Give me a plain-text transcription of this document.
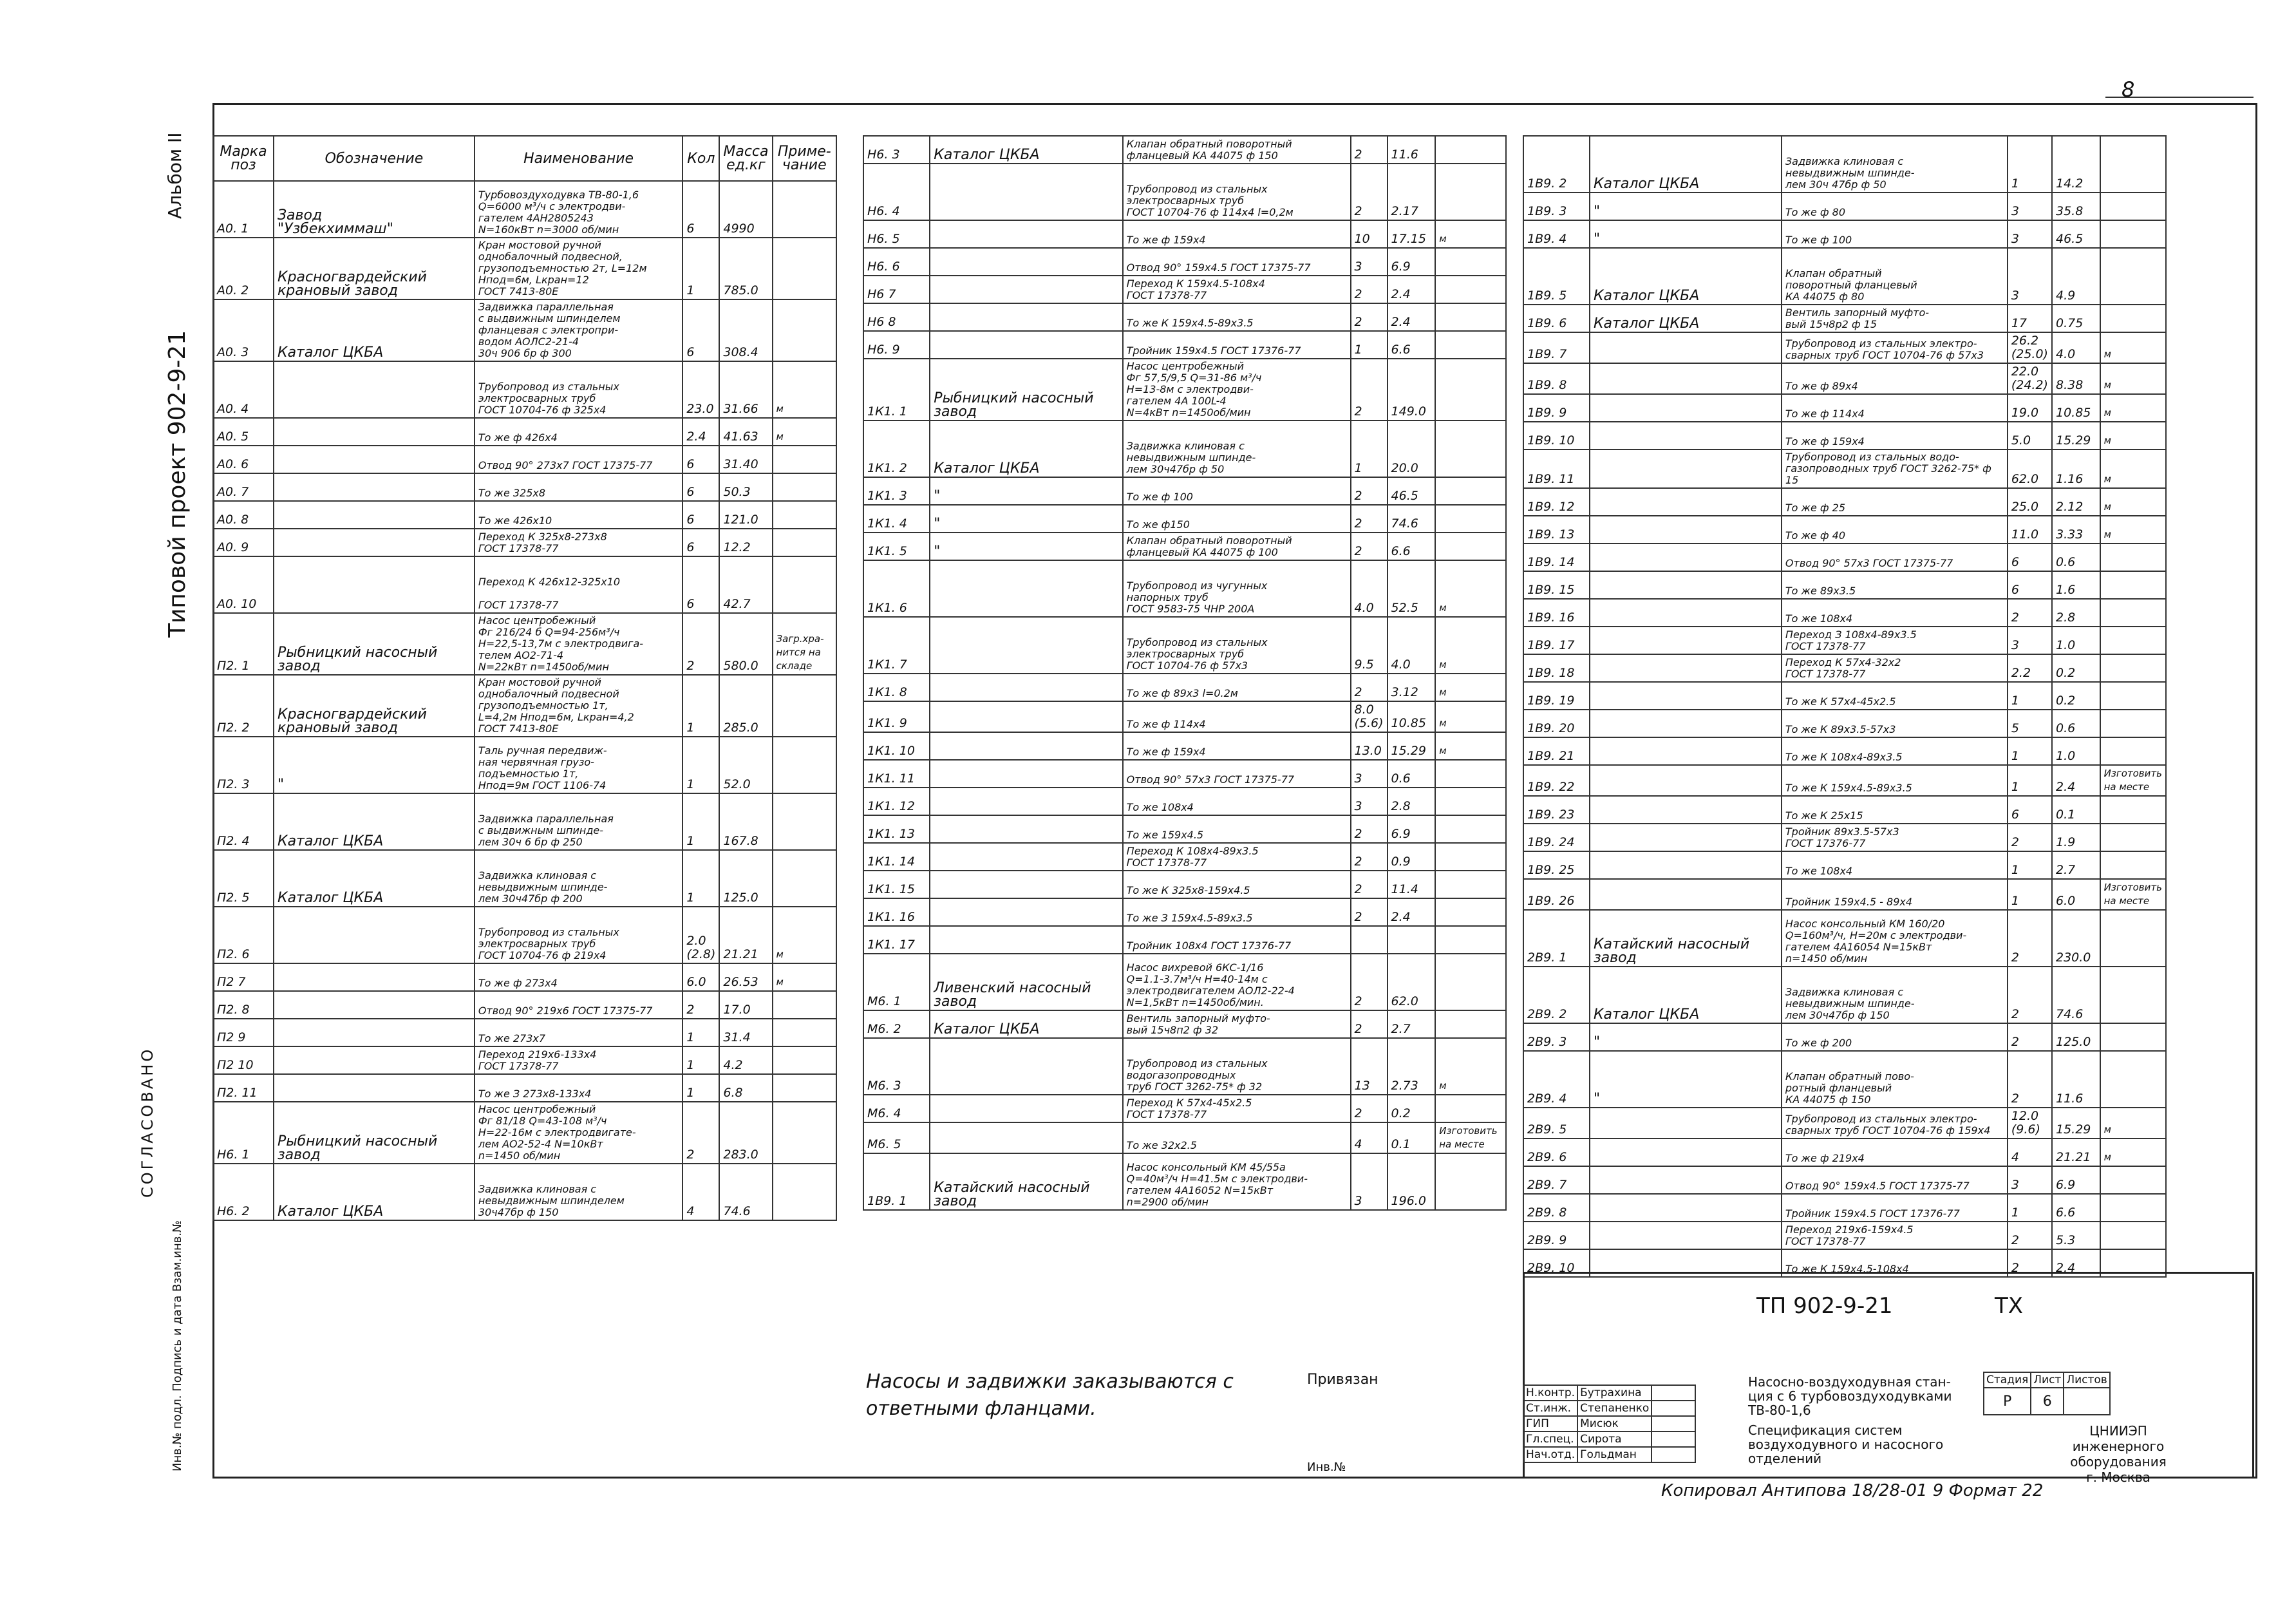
8
Альбом II
Типовой проект 902-9-21
СОГЛАСОВАНО
Инв.№ подл. Подпись и дата Взам.инв.№
Марка
поз	Обозначение	Наименование	Кол	Масса
ед.кг	Приме-
чание
А0. 1	Завод
"Узбекхиммаш"	Турбовоздуходувка ТВ-80-1,6
Q=6000 м³/ч с электродви-
гателем 4АН2805243
N=160кВт n=3000 об/мин	6	4990	
А0. 2	Красногвардейский
крановый завод	Кран мостовой ручной
однобалочный подвесной,
грузоподъемностью 2т, L=12м
Нпод=6м, Lкран=12
ГОСТ 7413-80Е	1	785.0	
А0. 3	Каталог ЦКБА	Задвижка параллельная
с выдвижным шпинделем
фланцевая с электропри-
водом АОЛС2-21-4
30ч 906 бр ф 300	6	308.4	
А0. 4		Трубопровод из стальных
электросварных труб
ГОСТ 10704-76 ф 325х4	23.0	31.66	м
А0. 5		То же ф 426х4	2.4	41.63	м
А0. 6		Отвод 90° 273х7 ГОСТ 17375-77	6	31.40	
А0. 7		То же 325х8	6	50.3	
А0. 8		То же 426х10	6	121.0	
А0. 9		Переход К 325х8-273х8
ГОСТ 17378-77	6	12.2	
А0. 10		Переход К 426х12-325х10

ГОСТ 17378-77	6	42.7	
П2. 1	Рыбницкий насосный
завод	Насос центробежный
Фг 216/24 б Q=94-256м³/ч
Н=22,5-13,7м с электродвига-
телем АО2-71-4
N=22кВт n=1450об/мин	2	580.0	Загр.хра-
нится на
складе
П2. 2	Красногвардейский
крановый завод	Кран мостовой ручной
однобалочный подвесной
грузоподъемностью 1т,
L=4,2м Нпод=6м, Lкран=4,2
ГОСТ 7413-80Е	1	285.0	
П2. 3	"	Таль ручная передвиж-
ная червячная грузо-
подъемностью 1т,
Нпод=9м ГОСТ 1106-74	1	52.0	
П2. 4	Каталог ЦКБА	Задвижка параллельная
с выдвижным шпинде-
лем 30ч 6 бр ф 250	1	167.8	
П2. 5	Каталог ЦКБА	Задвижка клиновая с
невыдвижным шпинде-
лем 30ч47бр ф 200	1	125.0	
П2. 6		Трубопровод из стальных
электросварных труб
ГОСТ 10704-76 ф 219х4	2.0
(2.8)	21.21	м
П2 7		То же ф 273х4	6.0	26.53	м
П2. 8		Отвод 90° 219х6 ГОСТ 17375-77	2	17.0	
П2 9		То же 273х7	1	31.4	
П2 10		Переход 219х6-133х4
ГОСТ 17378-77	1	4.2	
П2. 11		То же З 273х8-133х4	1	6.8	
Н6. 1	Рыбницкий насосный
завод	Насос центробежный
Фг 81/18 Q=43-108 м³/ч
Н=22-16м с электродвигате-
лем АО2-52-4 N=10кВт
n=1450 об/мин	2	283.0	
Н6. 2	Каталог ЦКБА	Задвижка клиновая с
невыдвижным шпинделем
30ч47бр ф 150	4	74.6	
Н6. 3	Каталог ЦКБА	Клапан обратный поворотный
фланцевый КА 44075 ф 150	2	11.6	
Н6. 4		Трубопровод из стальных
электросварных труб
ГОСТ 10704-76 ф 114х4 l=0,2м	2	2.17	
Н6. 5		То же ф 159х4	10	17.15	м
Н6. 6		Отвод 90° 159х4.5 ГОСТ 17375-77	3	6.9	
Н6 7		Переход К 159х4.5-108х4
ГОСТ 17378-77	2	2.4	
Н6 8		То же К 159х4.5-89х3.5	2	2.4	
Н6. 9		Тройник 159х4.5 ГОСТ 17376-77	1	6.6	
1К1. 1	Рыбницкий насосный
завод	Насос центробежный
Фг 57,5/9,5 Q=31-86 м³/ч
Н=13-8м с электродви-
гателем 4А 100L-4
N=4кВт n=1450об/мин	2	149.0	
1К1. 2	Каталог ЦКБА	Задвижка клиновая с
невыдвижным шпинде-
лем 30ч47бр ф 50	1	20.0	
1К1. 3	"	То же ф 100	2	46.5	
1К1. 4	"	То же ф150	2	74.6	
1К1. 5	"	Клапан обратный поворотный
фланцевый КА 44075 ф 100	2	6.6	
1К1. 6		Трубопровод из чугунных
напорных труб
ГОСТ 9583-75 ЧНР 200А	4.0	52.5	м
1К1. 7		Трубопровод из стальных
электросварных труб
ГОСТ 10704-76 ф 57х3	9.5	4.0	м
1К1. 8		То же ф 89х3 l=0.2м	2	3.12	м
1К1. 9		То же ф 114х4	8.0
(5.6)	10.85	м
1К1. 10		То же ф 159х4	13.0	15.29	м
1К1. 11		Отвод 90° 57х3 ГОСТ 17375-77	3	0.6	
1К1. 12		То же 108х4	3	2.8	
1К1. 13		То же 159х4.5	2	6.9	
1К1. 14		Переход К 108х4-89х3.5
ГОСТ 17378-77	2	0.9	
1К1. 15		То же К 325х8-159х4.5	2	11.4	
1К1. 16		То же З 159х4.5-89х3.5	2	2.4	
1К1. 17		Тройник 108х4 ГОСТ 17376-77			
М6. 1	Ливенский насосный
завод	Насос вихревой 6КС-1/16
Q=1.1-3.7м³/ч Н=40-14м с
электродвигателем АОЛ2-22-4
N=1,5кВт n=1450об/мин.	2	62.0	
М6. 2	Каталог ЦКБА	Вентиль запорный муфто-
вый 15ч8п2 ф 32	2	2.7	
М6. 3		Трубопровод из стальных
водогазопроводных
труб ГОСТ 3262-75* ф 32	13	2.73	м
М6. 4		Переход К 57х4-45х2.5
ГОСТ 17378-77	2	0.2	
М6. 5		То же 32х2.5	4	0.1	Изготовить
на месте
1В9. 1	Катайский насосный
завод	Насос консольный КМ 45/55а
Q=40м³/ч Н=41.5м с электродви-
гателем 4А16052 N=15кВт
n=2900 об/мин	3	196.0	
1В9. 2	Каталог ЦКБА	Задвижка клиновая с
невыдвижным шпинде-
лем 30ч 47бр ф 50	1	14.2	
1В9. 3	"	То же ф 80	3	35.8	
1В9. 4	"	То же ф 100	3	46.5	
1В9. 5	Каталог ЦКБА	Клапан обратный
поворотный фланцевый
КА 44075 ф 80	3	4.9	
1В9. 6	Каталог ЦКБА	Вентиль запорный муфто-
вый 15ч8р2 ф 15	17	0.75	
1В9. 7		Трубопровод из стальных электро-
сварных труб ГОСТ 10704-76 ф 57х3	26.2
(25.0)	4.0	м
1В9. 8		То же ф 89х4	22.0
(24.2)	8.38	м
1В9. 9		То же ф 114х4	19.0	10.85	м
1В9. 10		То же ф 159х4	5.0	15.29	м
1В9. 11		Трубопровод из стальных водо-
газопроводных труб ГОСТ 3262-75* ф 15	62.0	1.16	м
1В9. 12		То же ф 25	25.0	2.12	м
1В9. 13		То же ф 40	11.0	3.33	м
1В9. 14		Отвод 90° 57х3 ГОСТ 17375-77	6	0.6	
1В9. 15		То же 89х3.5	6	1.6	
1В9. 16		То же 108х4	2	2.8	
1В9. 17		Переход З 108х4-89х3.5
ГОСТ 17378-77	3	1.0	
1В9. 18		Переход К 57х4-32х2
ГОСТ 17378-77	2.2	0.2	
1В9. 19		То же К 57х4-45х2.5	1	0.2	
1В9. 20		То же К 89х3.5-57х3	5	0.6	
1В9. 21		То же К 108х4-89х3.5	1	1.0	
1В9. 22		То же К 159х4.5-89х3.5	1	2.4	Изготовить
на месте
1В9. 23		То же К 25х15	6	0.1	
1В9. 24		Тройник 89х3.5-57х3
ГОСТ 17376-77	2	1.9	
1В9. 25		То же 108х4	1	2.7	
1В9. 26		Тройник 159х4.5 - 89х4	1	6.0	Изготовить
на месте
2В9. 1	Катайский насосный
завод	Насос консольный КМ 160/20
Q=160м³/ч, Н=20м с электродви-
гателем 4А16054 N=15кВт
n=1450 об/мин	2	230.0	
2В9. 2	Каталог ЦКБА	Задвижка клиновая с
невыдвижным шпинде-
лем 30ч47бр ф 150	2	74.6	
2В9. 3	"	То же ф 200	2	125.0	
2В9. 4	"	Клапан обратный пово-
ротный фланцевый
КА 44075 ф 150	2	11.6	
2В9. 5		Трубопровод из стальных электро-
сварных труб ГОСТ 10704-76 ф 159х4	12.0
(9.6)	15.29	м
2В9. 6		То же ф 219х4	4	21.21	м
2В9. 7		Отвод 90° 159х4.5 ГОСТ 17375-77	3	6.9	
2В9. 8		Тройник 159х4.5 ГОСТ 17376-77	1	6.6	
2В9. 9		Переход 219х6-159х4.5
ГОСТ 17378-77	2	5.3	
2В9. 10		То же К 159х4.5-108х4	2	2.4	
Насосы и задвижки заказываются с
ответными фланцами.
ТП 902-9-21	ТХ
Привязан
Инв.№
Н.контр.	Бутрахина	
Ст.инж.	Степаненко	
ГИП	Мисюк	
Гл.спец.	Сирота	
Нач.отд.	Гольдман	
Насосно-воздуходувная стан-
ция с 6 турбовоздуходувками
ТВ-80-1,6
Спецификация систем
воздуходувного и насосного
отделений
Стадия	Лист	Листов
Р	6	
ЦНИИЭП
инженерного оборудования
г. Москва
Копировал Антипова 18/28-01 9 Формат 22
